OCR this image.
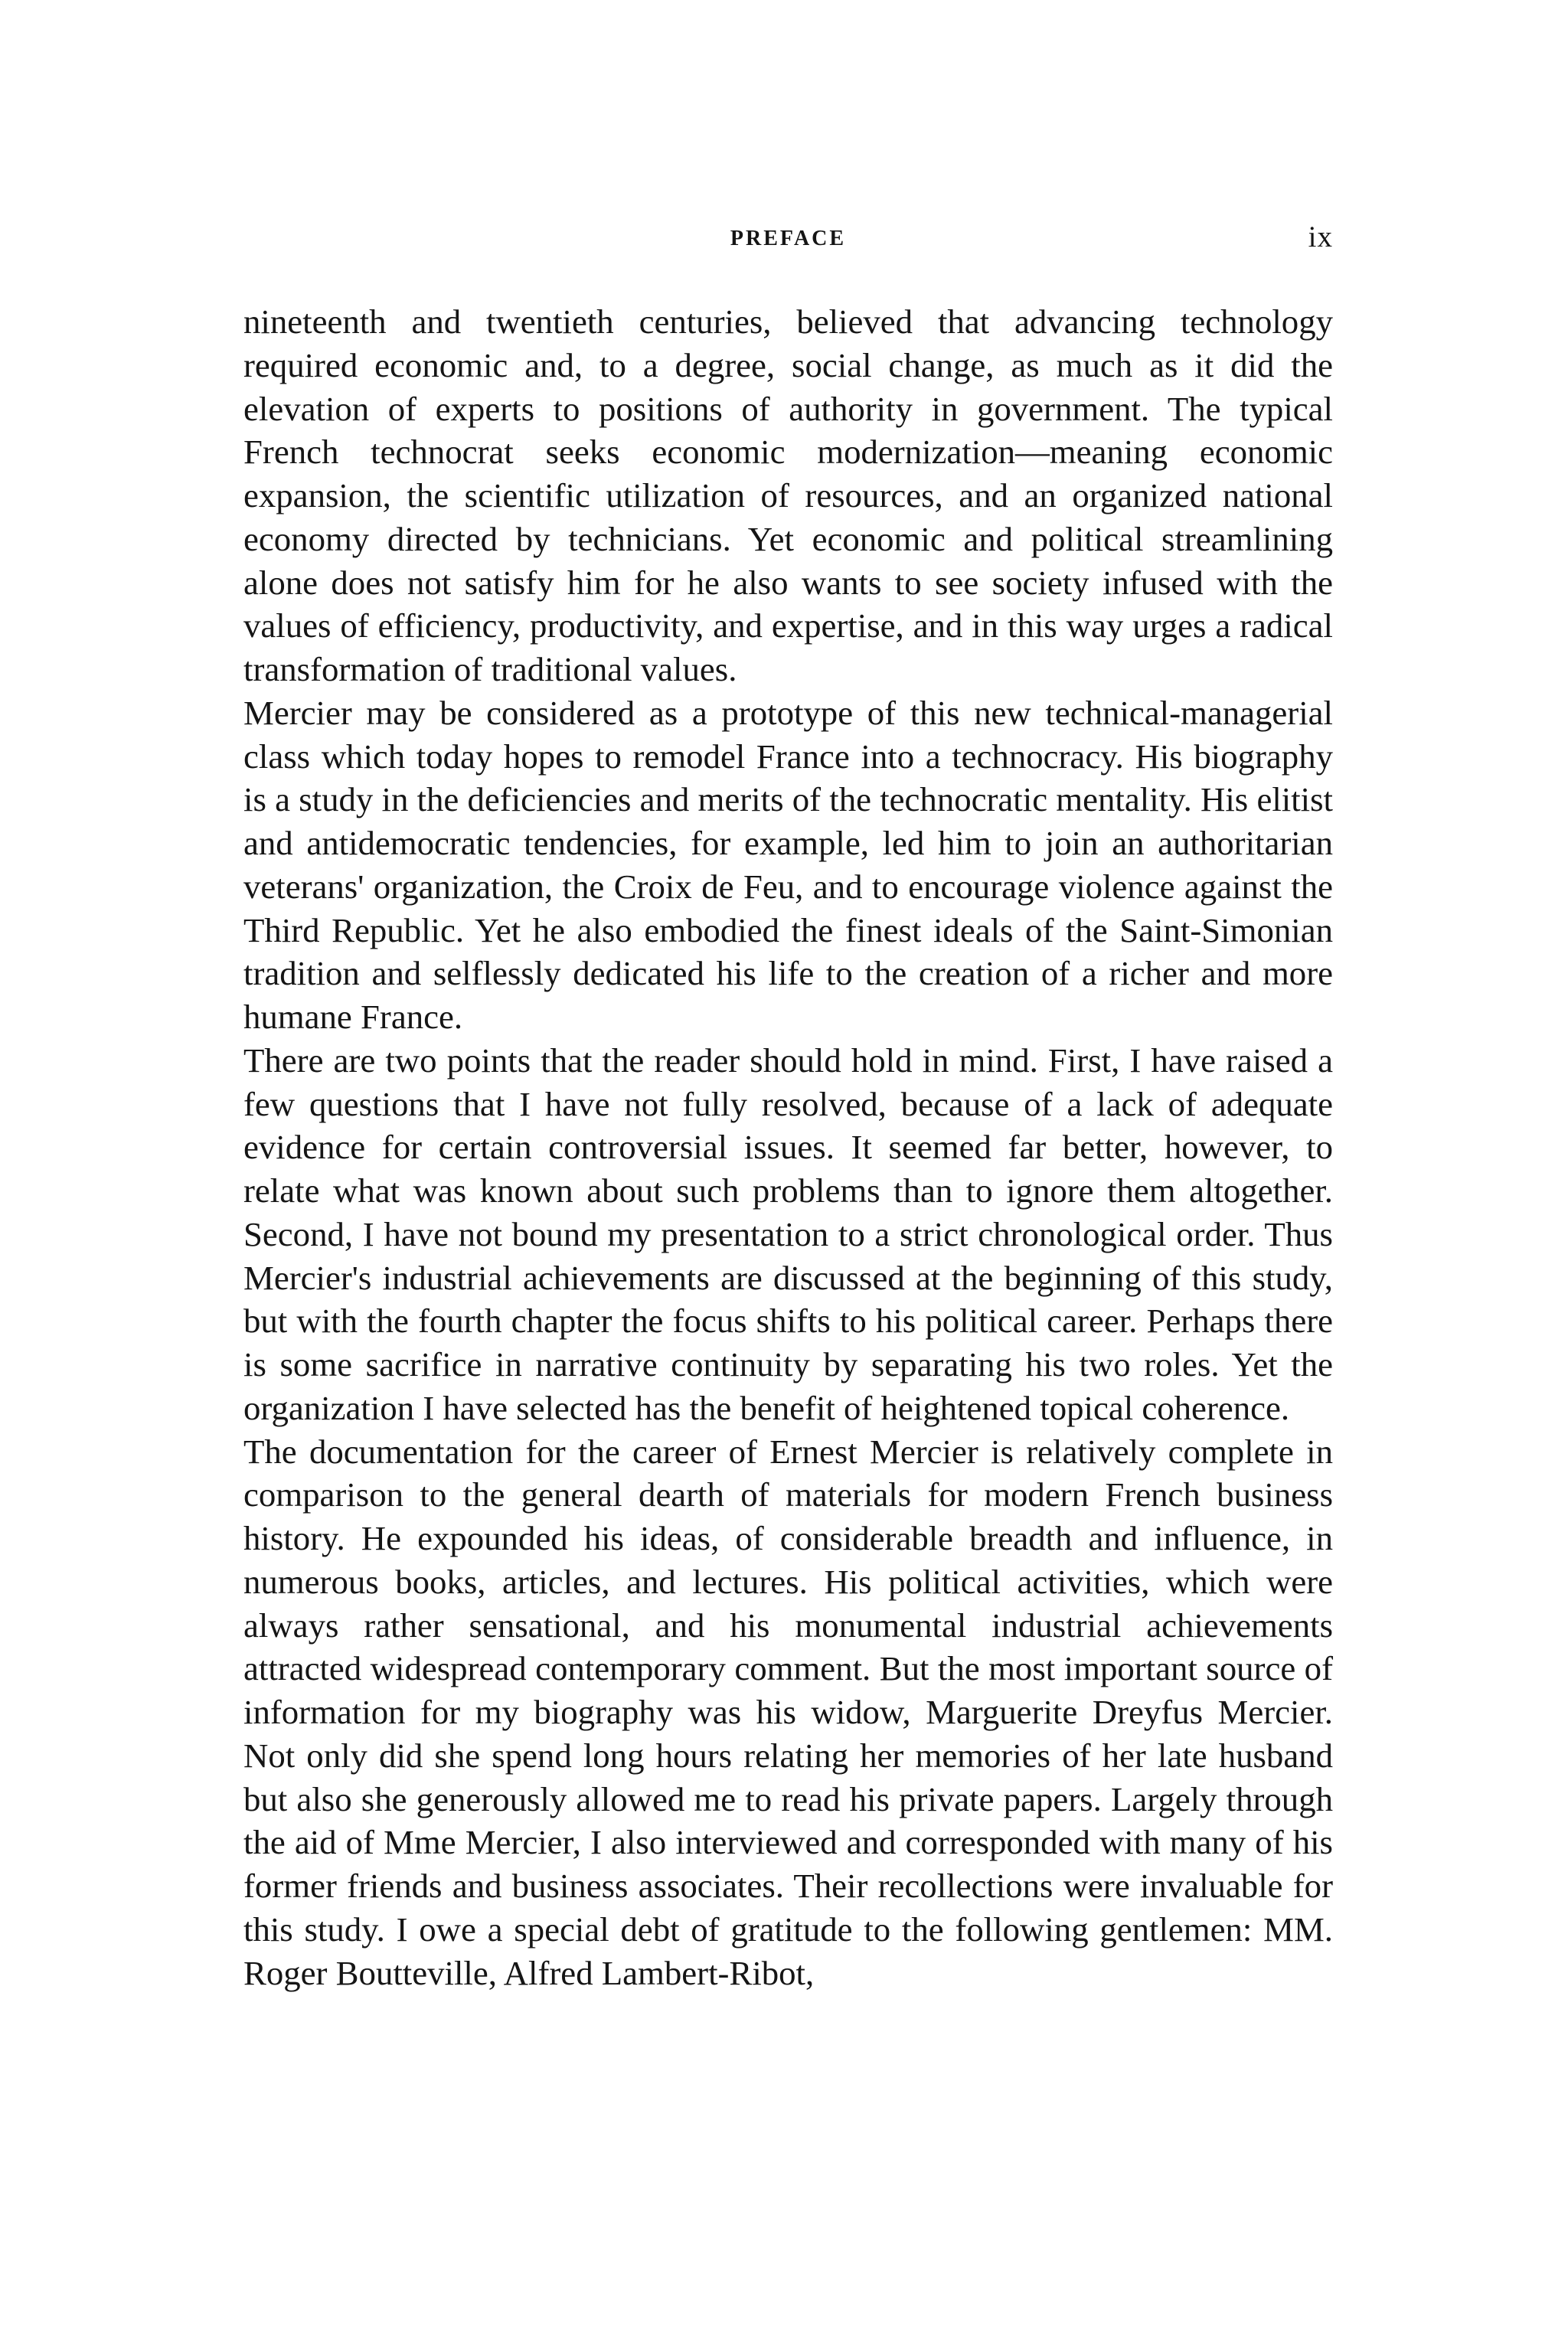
PREFACE	ix

nineteenth and twentieth centuries, believed that advancing technology required economic and, to a degree, social change, as much as it did the elevation of experts to positions of authority in government. The typical French technocrat seeks economic modernization—meaning economic expansion, the scientific utilization of resources, and an organized national economy directed by technicians. Yet economic and political streamlining alone does not satisfy him for he also wants to see society infused with the values of efficiency, productivity, and expertise, and in this way urges a radical transformation of traditional values.

Mercier may be considered as a prototype of this new technical-managerial class which today hopes to remodel France into a technocracy. His biography is a study in the deficiencies and merits of the technocratic mentality. His elitist and antidemocratic tendencies, for example, led him to join an authoritarian veterans' organization, the Croix de Feu, and to encourage violence against the Third Republic. Yet he also embodied the finest ideals of the Saint-Simonian tradition and selflessly dedicated his life to the creation of a richer and more humane France.

There are two points that the reader should hold in mind. First, I have raised a few questions that I have not fully resolved, because of a lack of adequate evidence for certain controversial issues. It seemed far better, however, to relate what was known about such problems than to ignore them altogether. Second, I have not bound my presentation to a strict chronological order. Thus Mercier's industrial achievements are discussed at the beginning of this study, but with the fourth chapter the focus shifts to his political career. Perhaps there is some sacrifice in narrative continuity by separating his two roles. Yet the organization I have selected has the benefit of heightened topical coherence.

The documentation for the career of Ernest Mercier is relatively complete in comparison to the general dearth of materials for modern French business history. He expounded his ideas, of considerable breadth and influence, in numerous books, articles, and lectures. His political activities, which were always rather sensational, and his monumental industrial achievements attracted widespread contemporary comment. But the most important source of information for my biography was his widow, Marguerite Dreyfus Mercier. Not only did she spend long hours relating her memories of her late husband but also she generously allowed me to read his private papers. Largely through the aid of Mme Mercier, I also interviewed and corresponded with many of his former friends and business associates. Their recollections were invaluable for this study. I owe a special debt of gratitude to the following gentlemen: MM. Roger Boutteville, Alfred Lambert-Ribot,
